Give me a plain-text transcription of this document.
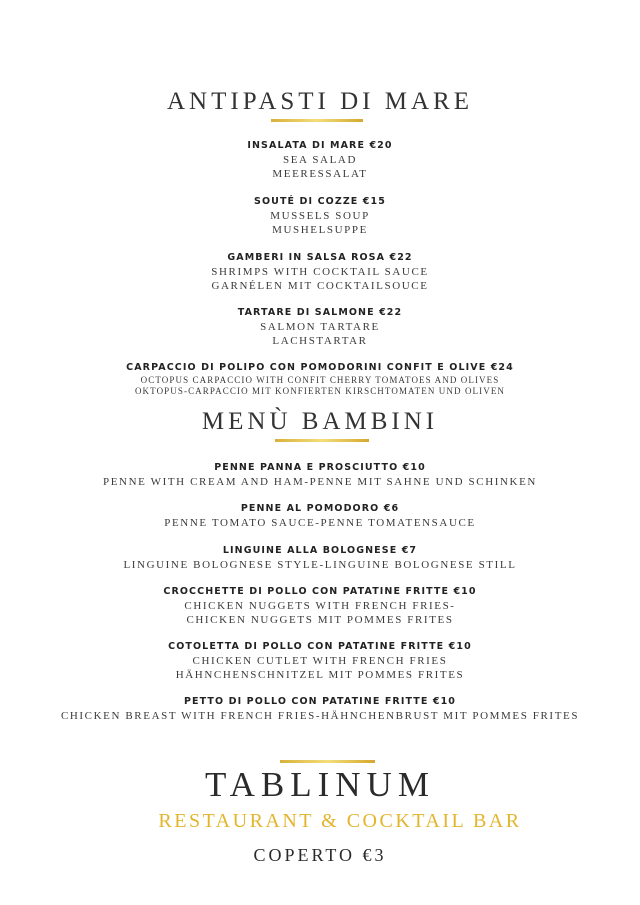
ANTIPASTI DI MARE
INSALATA DI MARE €20
SEA SALAD
MEERESSALAT
SOUTÉ DI COZZE €15
MUSSELS SOUP
MUSHELSUPPE
GAMBERI IN SALSA ROSA €22
SHRIMPS WITH COCKTAIL SAUCE
GARNÉLEN MIT COCKTAILSOUCE
TARTARE DI SALMONE €22
SALMON TARTARE
LACHSTARTAR
CARPACCIO DI POLIPO CON POMODORINI CONFIT E OLIVE €24
OCTOPUS CARPACCIO WITH CONFIT CHERRY TOMATOES AND OLIVES
OKTOPUS-CARPACCIO MIT KONFIERTEN KIRSCHTOMATEN UND OLIVEN
MENÙ BAMBINI
PENNE PANNA E PROSCIUTTO €10
PENNE WITH CREAM AND HAM-PENNE MIT SAHNE UND SCHINKEN
PENNE AL POMODORO €6
PENNE TOMATO SAUCE-PENNE TOMATENSAUCE
LINGUINE ALLA BOLOGNESE €7
LINGUINE BOLOGNESE STYLE-LINGUINE BOLOGNESE STILL
CROCCHETTE DI POLLO CON PATATINE FRITTE €10
CHICKEN NUGGETS WITH FRENCH FRIES-
CHICKEN NUGGETS MIT POMMES FRITES
COTOLETTA DI POLLO CON PATATINE FRITTE €10
CHICKEN CUTLET WITH FRENCH FRIES
HÄHNCHENSCHNITZEL MIT POMMES FRITES
PETTO DI POLLO CON PATATINE FRITTE €10
CHICKEN BREAST WITH FRENCH FRIES-HÄHNCHENBRUST MIT POMMES FRITES
TABLINUM
RESTAURANT & COCKTAIL BAR
COPERTO €3
